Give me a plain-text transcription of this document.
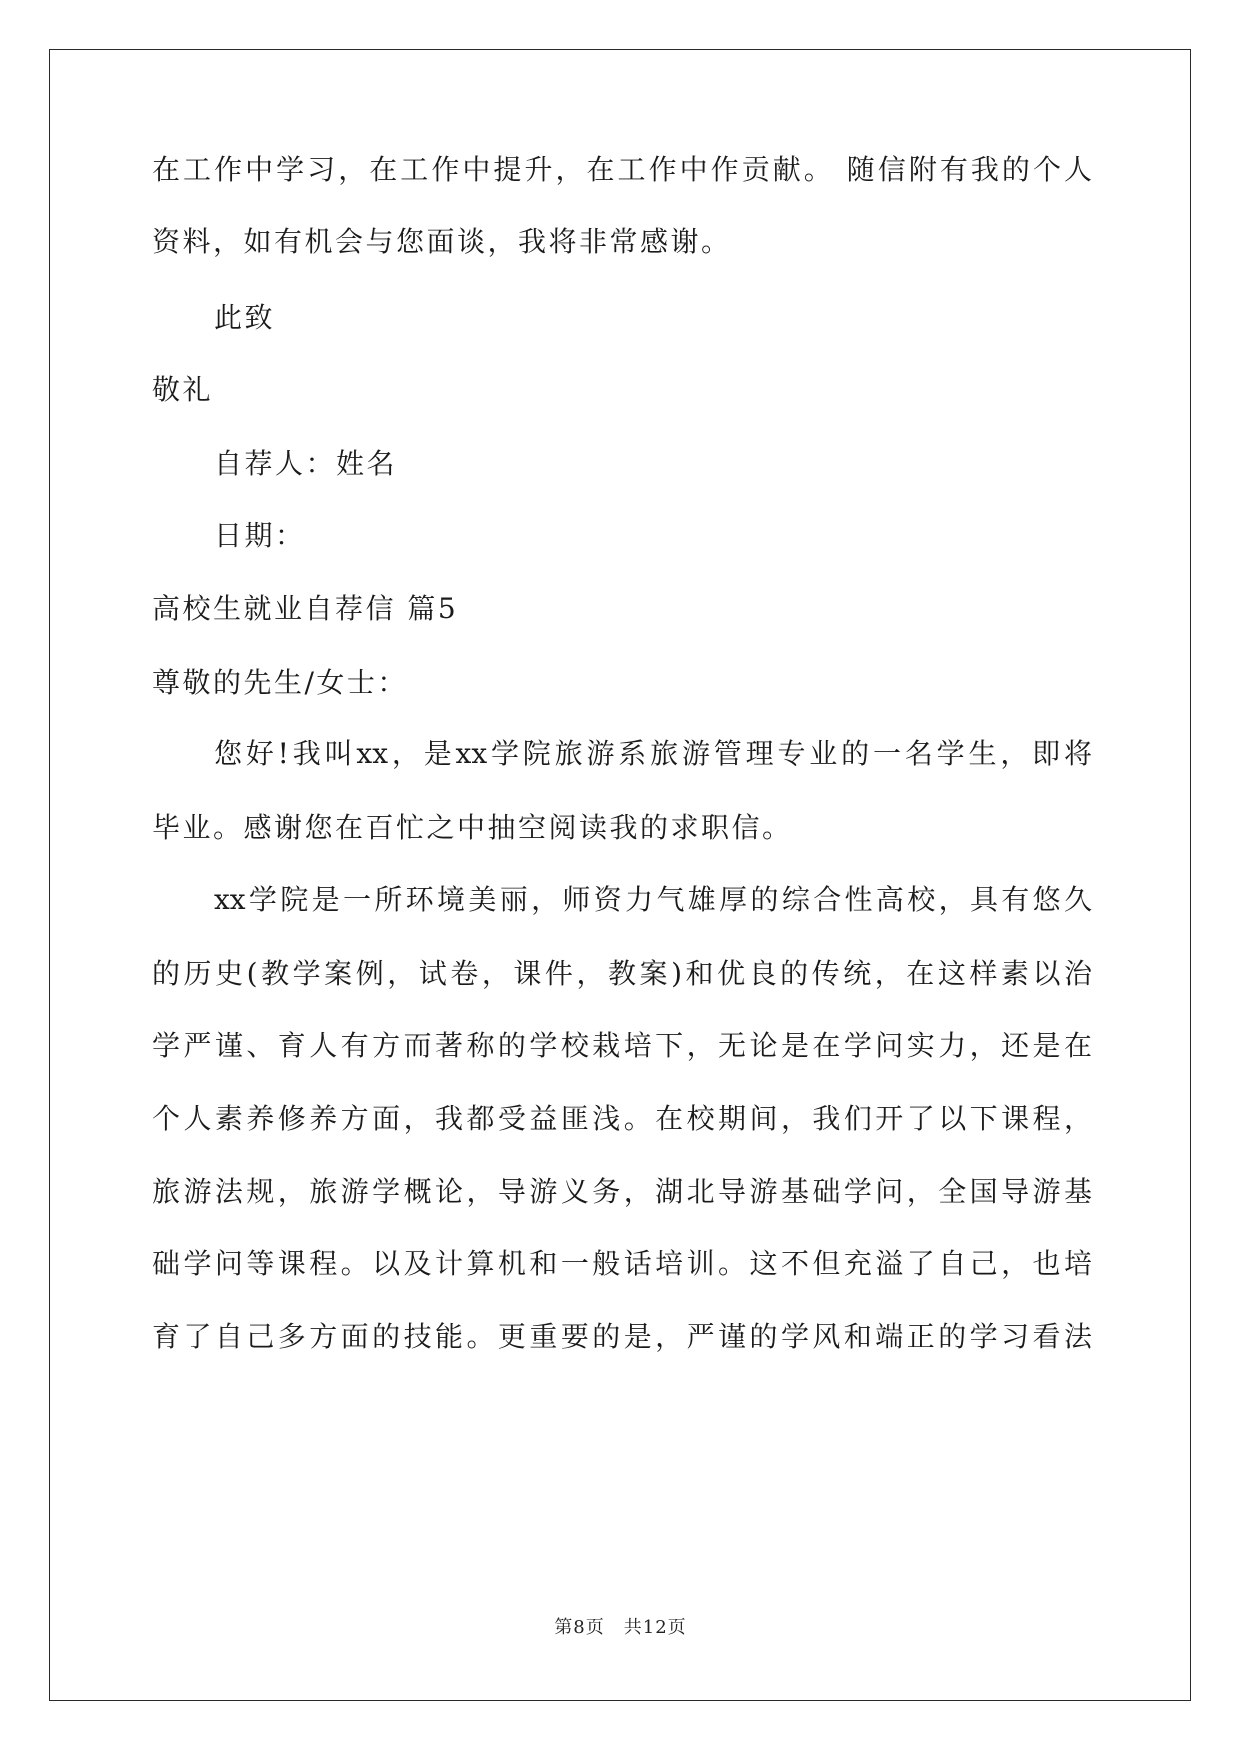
在工作中学习，在工作中提升，在工作中作贡献。 随信附有我的个人
资料，如有机会与您面谈，我将非常感谢。
此致
敬礼
自荐人：姓名
日期：
高校生就业自荐信 篇5
尊敬的先生/女士：
您好!我叫xx，是xx学院旅游系旅游管理专业的一名学生，即将
毕业。感谢您在百忙之中抽空阅读我的求职信。
xx学院是一所环境美丽，师资力气雄厚的综合性高校，具有悠久
的历史(教学案例，试卷，课件，教案)和优良的传统，在这样素以治
学严谨、育人有方而著称的学校栽培下，无论是在学问实力，还是在
个人素养修养方面，我都受益匪浅。在校期间，我们开了以下课程，
旅游法规，旅游学概论，导游义务，湖北导游基础学问，全国导游基
础学问等课程。以及计算机和一般话培训。这不但充溢了自己，也培
育了自己多方面的技能。更重要的是，严谨的学风和端正的学习看法
第8页　共12页
